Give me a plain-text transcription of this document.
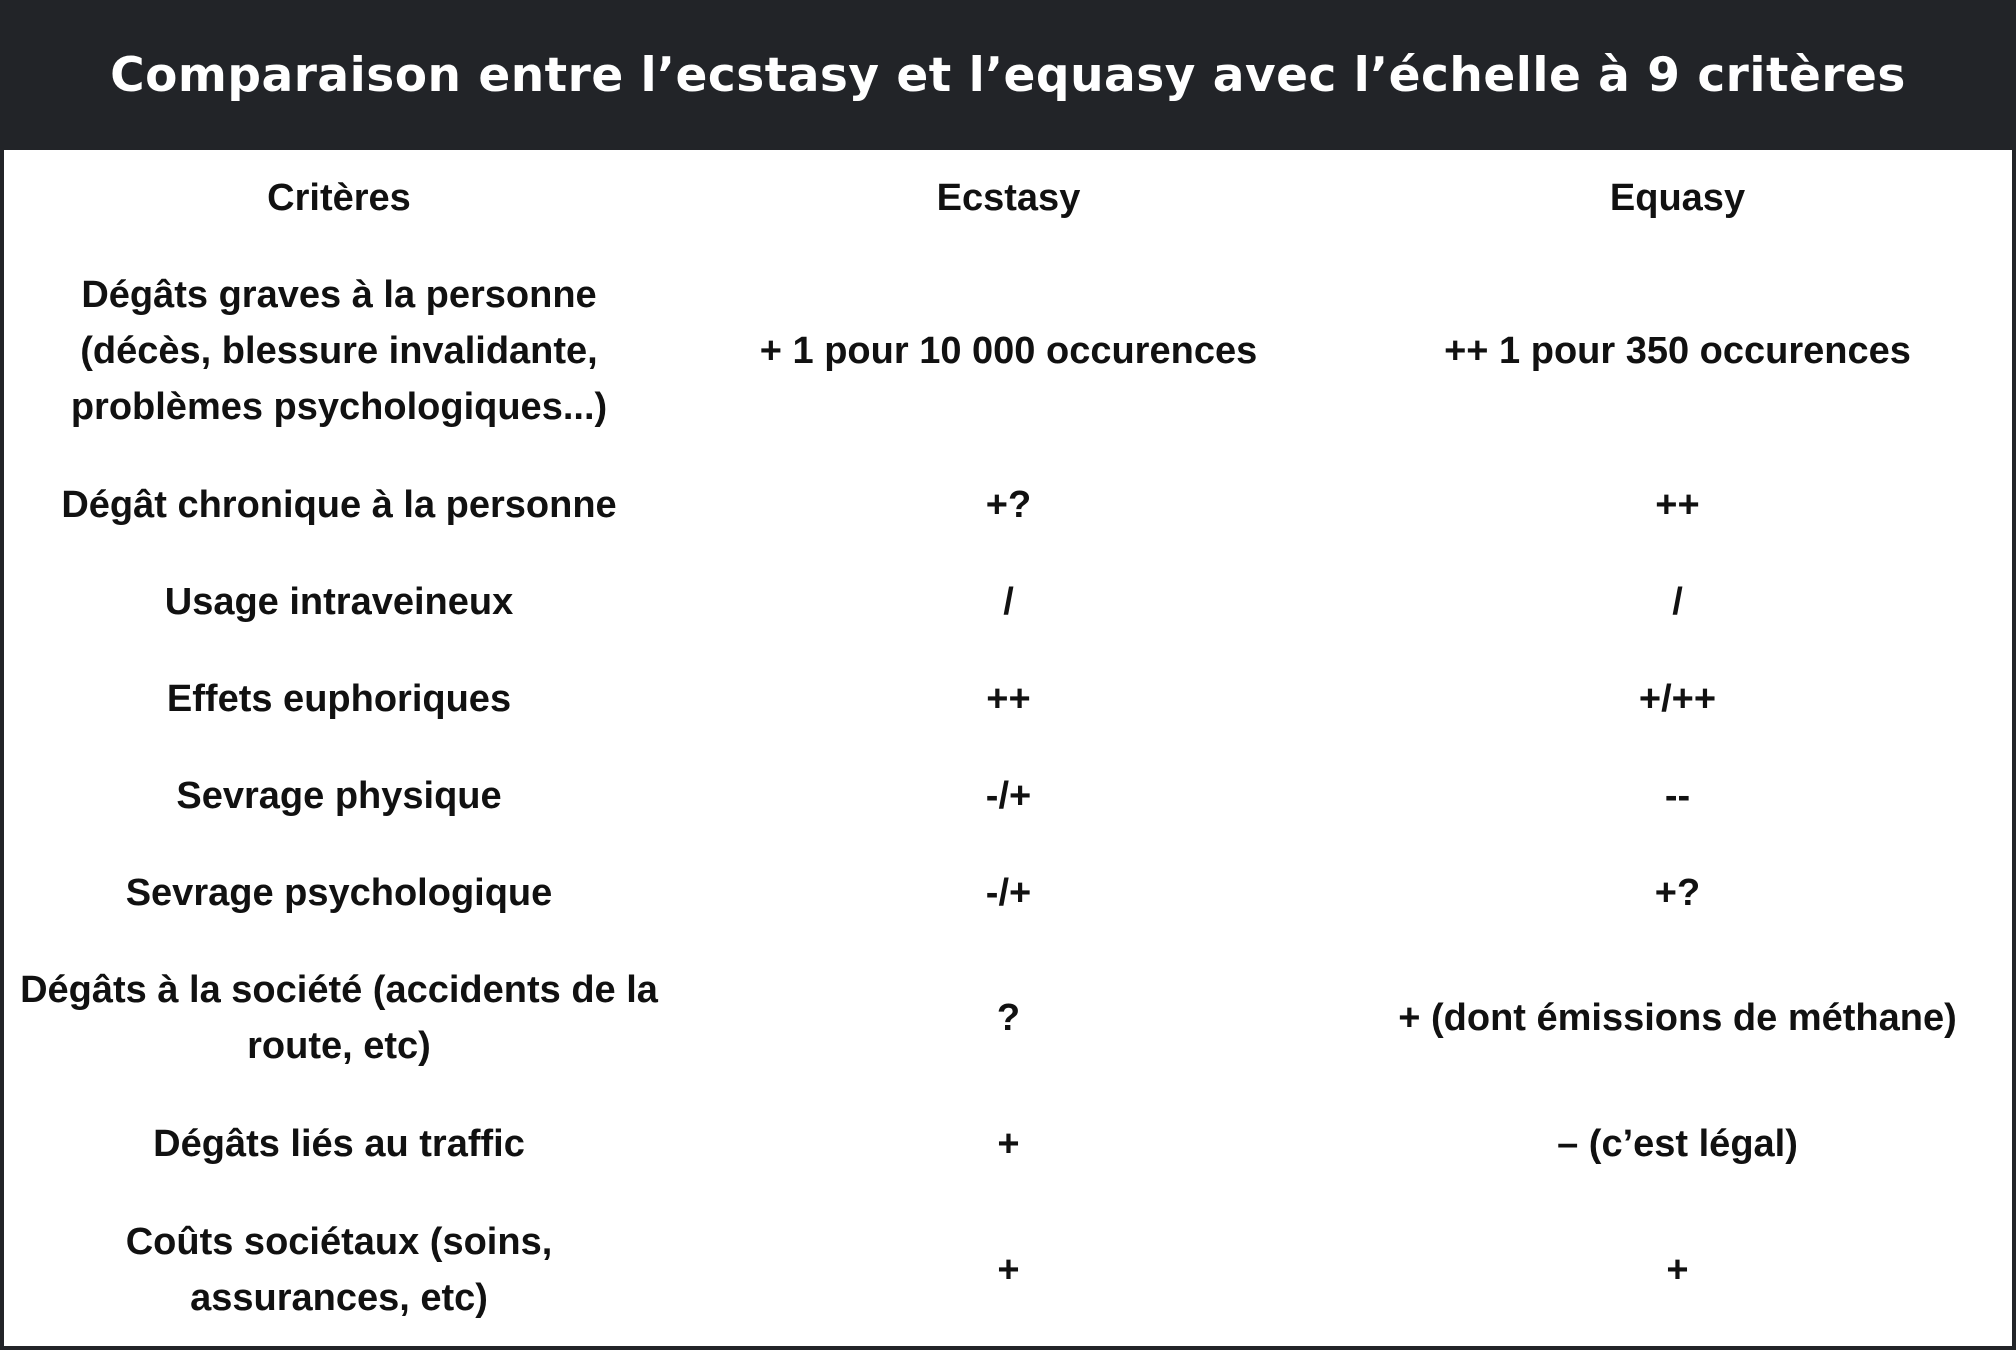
Comparaison entre l’ecstasy et l’equasy avec l’échelle à 9 critères
Critères	Ecstasy	Equasy
Dégâts graves à la personne (décès, blessure invalidante, problèmes psychologiques...)	+ 1 pour 10 000 occurences	++ 1 pour 350 occurences
Dégât chronique à la personne	+?	++
Usage intraveineux	/	/
Effets euphoriques	++	+/++
Sevrage physique	-/+	--
Sevrage psychologique	-/+	+?
Dégâts à la société (accidents de la route, etc)	?	+ (dont émissions de méthane)
Dégâts liés au traffic	+	– (c’est légal)
Coûts sociétaux (soins, assurances, etc)	+	+
